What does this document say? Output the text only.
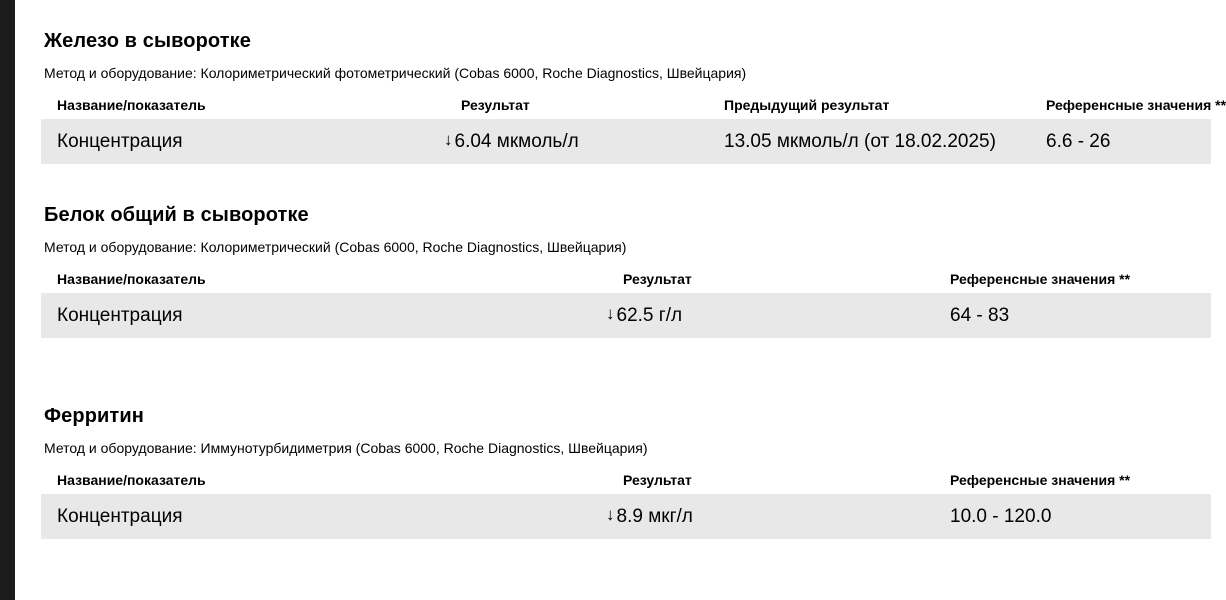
Железо в сыворотке
Метод и оборудование: Колориметрический фотометрический (Cobas 6000, Roche Diagnostics, Швейцария)
Название/показатель	Результат	Предыдущий результат	Референсные значения **
Концентрация	↓ 6.04 мкмоль/л	13.05 мкмоль/л (от 18.02.2025)	6.6 - 26
Белок общий в сыворотке
Метод и оборудование: Колориметрический (Cobas 6000, Roche Diagnostics, Швейцария)
Название/показатель	Результат	Референсные значения **
Концентрация	↓ 62.5 г/л	64 - 83
Ферритин
Метод и оборудование: Иммунотурбидиметрия (Cobas 6000, Roche Diagnostics, Швейцария)
Название/показатель	Результат	Референсные значения **
Концентрация	↓ 8.9 мкг/л	10.0 - 120.0
